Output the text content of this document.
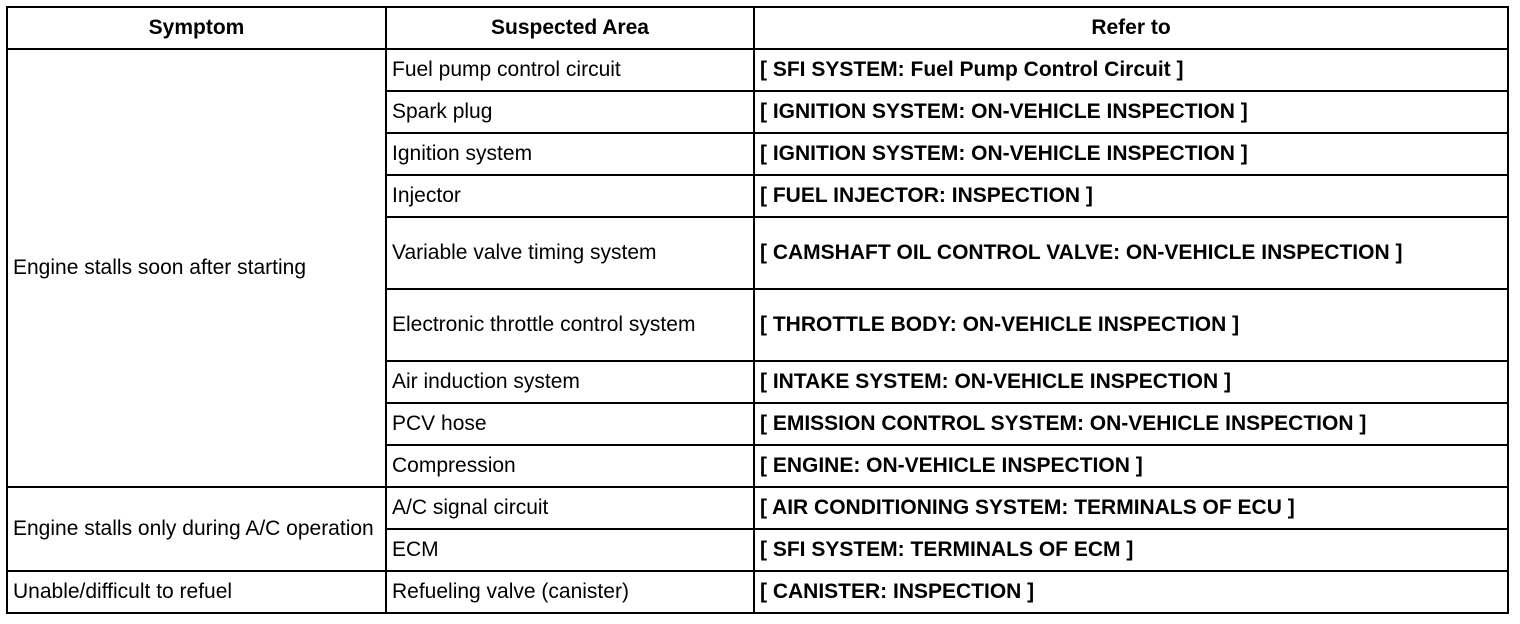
Symptom	Suspected Area	Refer to
Engine stalls soon after starting	Fuel pump control circuit	[ SFI SYSTEM: Fuel Pump Control Circuit ]
	Spark plug	[ IGNITION SYSTEM: ON-VEHICLE INSPECTION ]
	Ignition system	[ IGNITION SYSTEM: ON-VEHICLE INSPECTION ]
	Injector	[ FUEL INJECTOR: INSPECTION ]
	Variable valve timing system	[ CAMSHAFT OIL CONTROL VALVE: ON-VEHICLE INSPECTION ]
	Electronic throttle control system	[ THROTTLE BODY: ON-VEHICLE INSPECTION ]
	Air induction system	[ INTAKE SYSTEM: ON-VEHICLE INSPECTION ]
	PCV hose	[ EMISSION CONTROL SYSTEM: ON-VEHICLE INSPECTION ]
	Compression	[ ENGINE: ON-VEHICLE INSPECTION ]
Engine stalls only during A/C operation	A/C signal circuit	[ AIR CONDITIONING SYSTEM: TERMINALS OF ECU ]
	ECM	[ SFI SYSTEM: TERMINALS OF ECM ]
Unable/difficult to refuel	Refueling valve (canister)	[ CANISTER: INSPECTION ]
